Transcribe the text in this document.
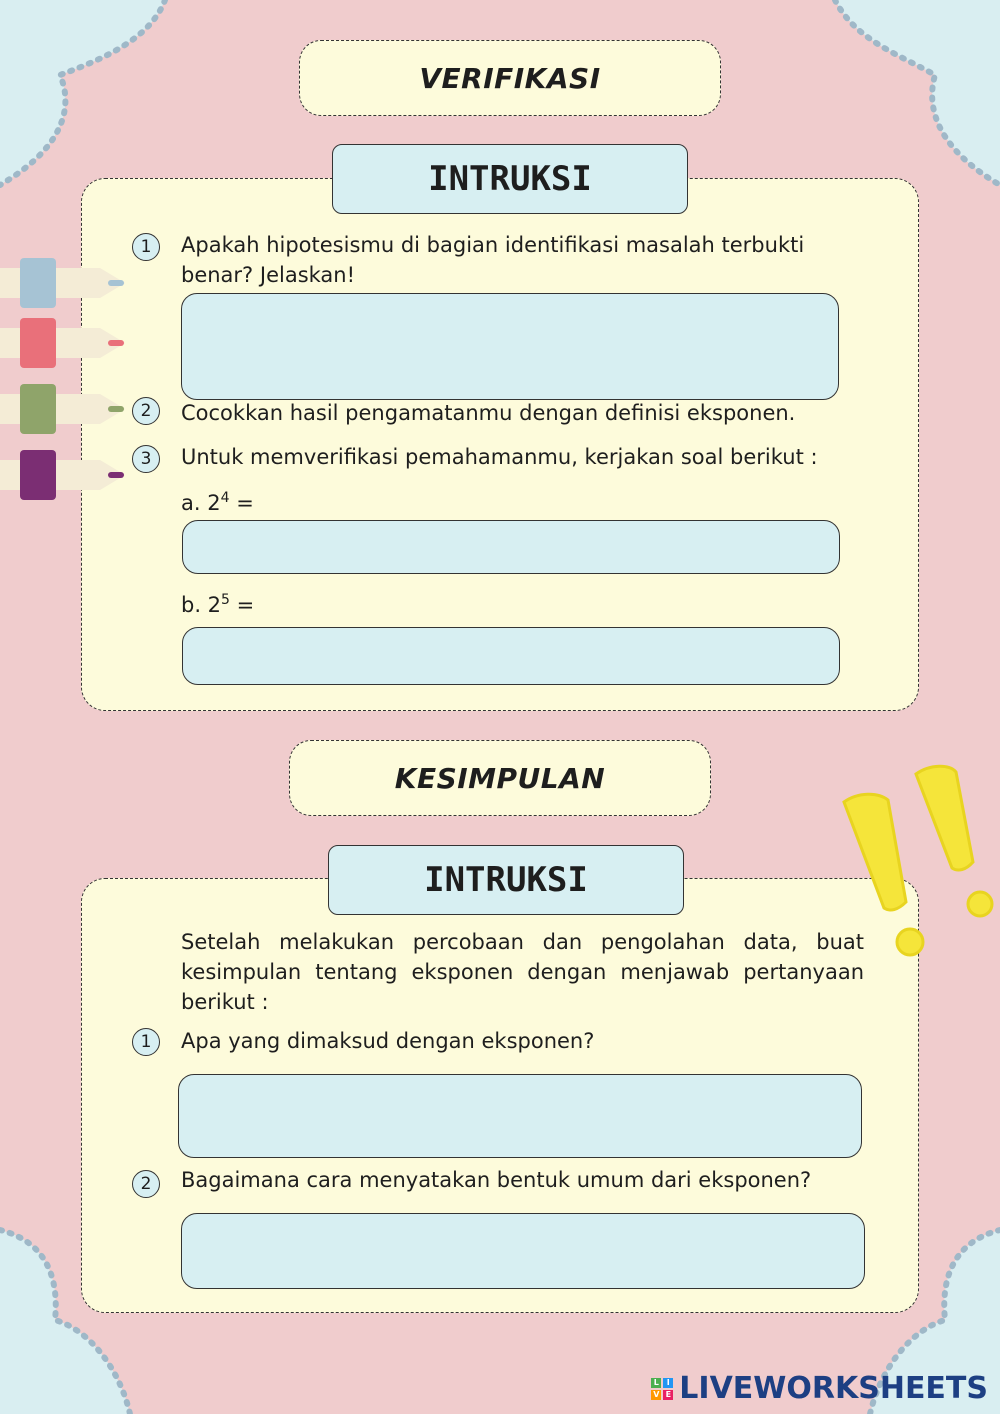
VERIFIKASI
INTRUKSI
1	Apakah hipotesismu di bagian identifikasi masalah terbukti benar? Jelaskan!
2	Cocokkan hasil pengamatanmu dengan definisi eksponen.
3	Untuk memverifikasi pemahamanmu, kerjakan soal berikut :
a. $2^4$ =
b. $2^5$ =
KESIMPULAN
INTRUKSI
Setelah melakukan percobaan dan pengolahan data, buat kesimpulan tentang eksponen dengan menjawab pertanyaan berikut :
1	Apa yang dimaksud dengan eksponen?
2	Bagaimana cara menyatakan bentuk umum dari eksponen?
L I
V E LIVEWORKSHEETS
